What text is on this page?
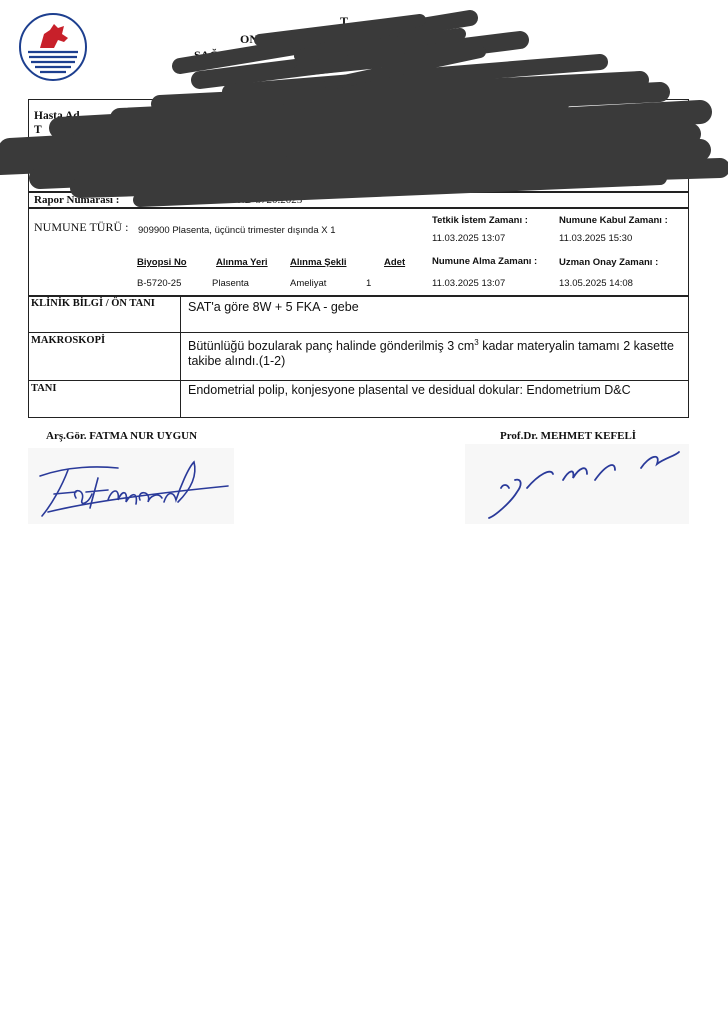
T
ONE
SAĞ
avat Ruhsat No: 39
Hasta Ad
T
OLOJİ No :	-25
Dosya N
Rapor Numarası :	900030.3000.B-5720.2025
NUMUNE TÜRÜ : 909900 Plasenta, üçüncü trimester dışında X 1
Tetkik İstem Zamanı :
11.03.2025 13:07
Numune Kabul Zamanı :
11.03.2025 15:30
Numune Alma Zamanı :
11.03.2025 13:07
Uzman Onay Zamanı :
13.05.2025 14:08
Biyopsi No	Alınma Yeri Alınma Şekli	Adet
B-5720-25	Plasenta	Ameliyat	1
KLİNİK BİLGİ / ÖN TANI	SAT'a göre 8W + 5 FKA - gebe
MAKROSKOPİ	Bütünlüğü bozularak panç halinde gönderilmiş 3 $cm^3$ kadar materyalin tamamı 2 kasette takibe alındı.(1-2)
TANI	Endometrial polip, konjesyone plasental ve desidual dokular: Endometrium D&C
Arş.Gör. FATMA NUR UYGUN	Prof.Dr. MEHMET KEFELİ
